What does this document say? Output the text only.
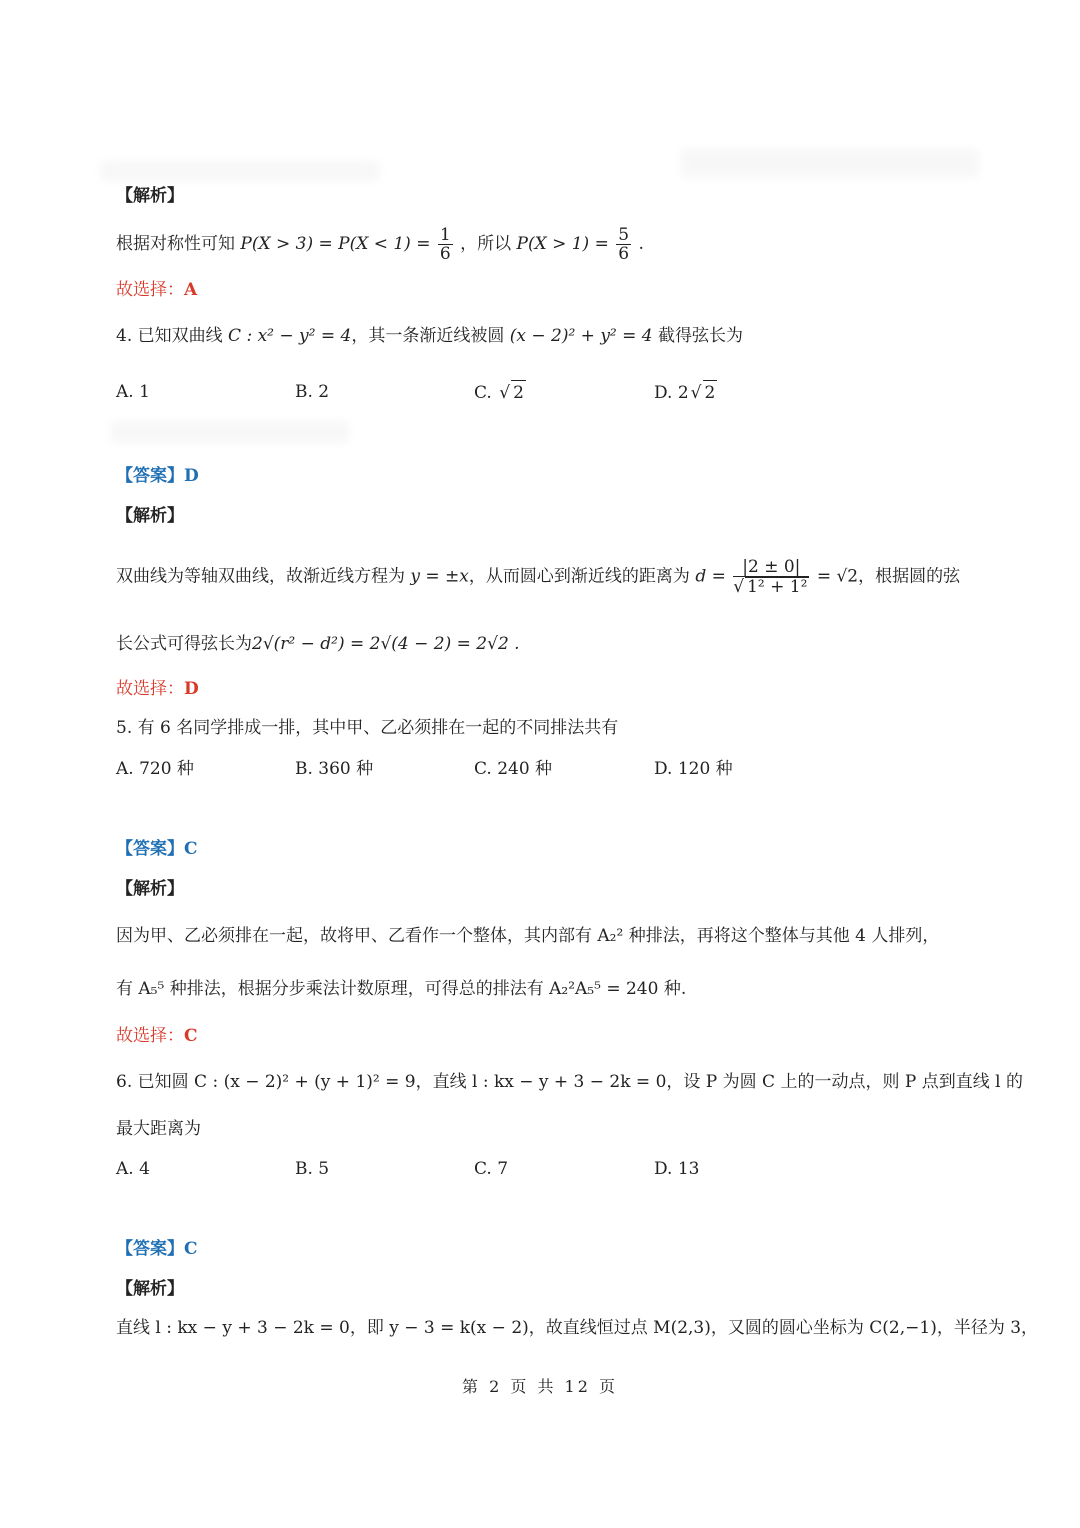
【解析】
根据对称性可知 $P(X > 3) = P(X < 1) = \frac{1}{6}$ ，所以 $P(X > 1) = \frac{5}{6}$ .
故选择：A
4. 已知双曲线 C : x² − y² = 4，其一条渐近线被圆 (x − 2)² + y² = 4 截得弦长为
A. 1	B. 2	C. √ 2	D. 2 √ 2
【答案】D
【解析】
双曲线为等轴双曲线，故渐近线方程为 y = ±x，从而圆心到渐近线的距离为 $d = \frac{|2 \pm 0|}{\text{√ 1² + 1²}} = √2$，根据圆的弦
长公式可得弦长为2√(r² − d²) = 2√(4 − 2) = 2√2 .
故选择：D
5. 有 6 名同学排成一排，其中甲、乙必须排在一起的不同排法共有
A. 720 种	B. 360 种	C. 240 种	D. 120 种
【答案】C
【解析】
因为甲、乙必须排在一起，故将甲、乙看作一个整体，其内部有 A₂² 种排法，再将这个整体与其他 4 人排列，
有 A₅⁵ 种排法，根据分步乘法计数原理，可得总的排法有 A₂²A₅⁵ = 240 种.
故选择：C
6. 已知圆 C : (x − 2)² + (y + 1)² = 9，直线 l : kx − y + 3 − 2k = 0，设 P 为圆 C 上的一动点，则 P 点到直线 l 的
最大距离为
A. 4	B. 5	C. 7	D. 13
【答案】C
【解析】
直线 l : kx − y + 3 − 2k = 0，即 y − 3 = k(x − 2)，故直线恒过点 M(2,3)，又圆的圆心坐标为 C(2,−1)，半径为 3，
第 2 页 共 12 页
